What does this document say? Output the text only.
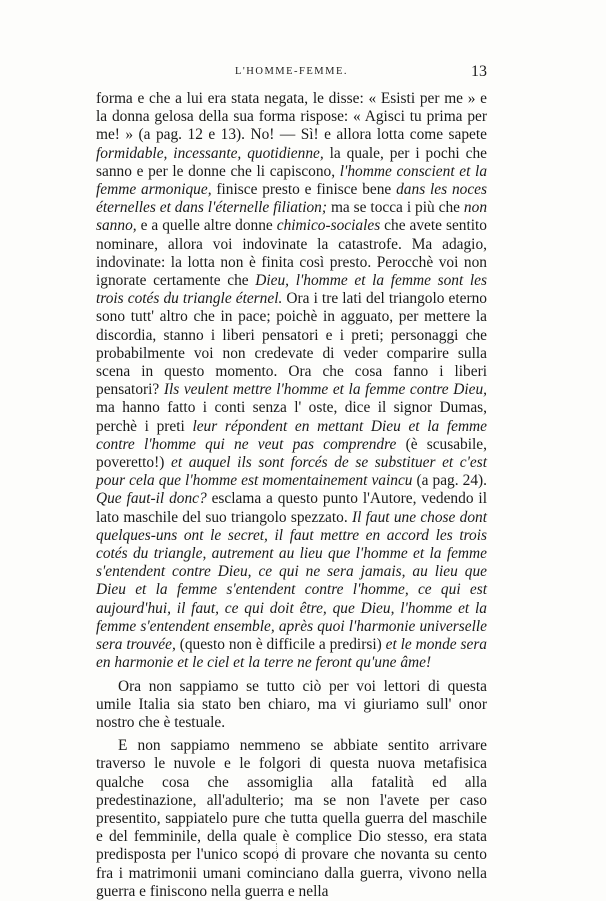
L'HOMME-FEMME.	13

forma e che a lui era stata negata, le disse: « Esisti per me » e la donna gelosa della sua forma rispose: « Agisci tu prima per me! » (a pag. 12 e 13). No! — Sì! e allora lotta come sapete formidable, incessante, quotidienne, la quale, per i pochi che sanno e per le donne che li capiscono, l'homme conscient et la femme armonique, finisce presto e finisce bene dans les noces éternelles et dans l'éternelle filiation; ma se tocca i più che non sanno, e a quelle altre donne chimico-sociales che avete sentito nominare, allora voi indovinate la catastrofe. Ma adagio, indovinate: la lotta non è finita così presto. Perocchè voi non ignorate certamente che Dieu, l'homme et la femme sont les trois cotés du triangle éternel. Ora i tre lati del triangolo eterno sono tutt' altro che in pace; poichè in agguato, per mettere la discordia, stanno i liberi pensatori e i preti; personaggi che probabilmente voi non credevate di veder comparire sulla scena in questo momento. Ora che cosa fanno i liberi pensatori? Ils veulent mettre l'homme et la femme contre Dieu, ma hanno fatto i conti senza l' oste, dice il signor Dumas, perchè i preti leur répondent en mettant Dieu et la femme contre l'homme qui ne veut pas comprendre (è scusabile, poveretto!) et auquel ils sont forcés de se substituer et c'est pour cela que l'homme est momentainement vaincu (a pag. 24). Que faut-il donc? esclama a questo punto l'Autore, vedendo il lato maschile del suo triangolo spezzato. Il faut une chose dont quelques-uns ont le secret, il faut mettre en accord les trois cotés du triangle, autrement au lieu que l'homme et la femme s'entendent contre Dieu, ce qui ne sera jamais, au lieu que Dieu et la femme s'entendent contre l'homme, ce qui est aujourd'hui, il faut, ce qui doit être, que Dieu, l'homme et la femme s'entendent ensemble, après quoi l'harmonie universelle sera trouvée, (questo non è difficile a predirsi) et le monde sera en harmonie et le ciel et la terre ne feront qu'une âme!

Ora non sappiamo se tutto ciò per voi lettori di questa umile Italia sia stato ben chiaro, ma vi giuriamo sull' onor nostro che è testuale.

E non sappiamo nemmeno se abbiate sentito arrivare traverso le nuvole e le folgori di questa nuova metafisica qualche cosa che assomiglia alla fatalità ed alla predestinazione, all'adulterio; ma se non l'avete per caso presentito, sappiatelo pure che tutta quella guerra del maschile e del femminile, della quale è complice Dio stesso, era stata predisposta per l'unico scopo di provare che novanta su cento fra i matrimonii umani cominciano dalla guerra, vivono nella guerra e finiscono nella guerra e nella
